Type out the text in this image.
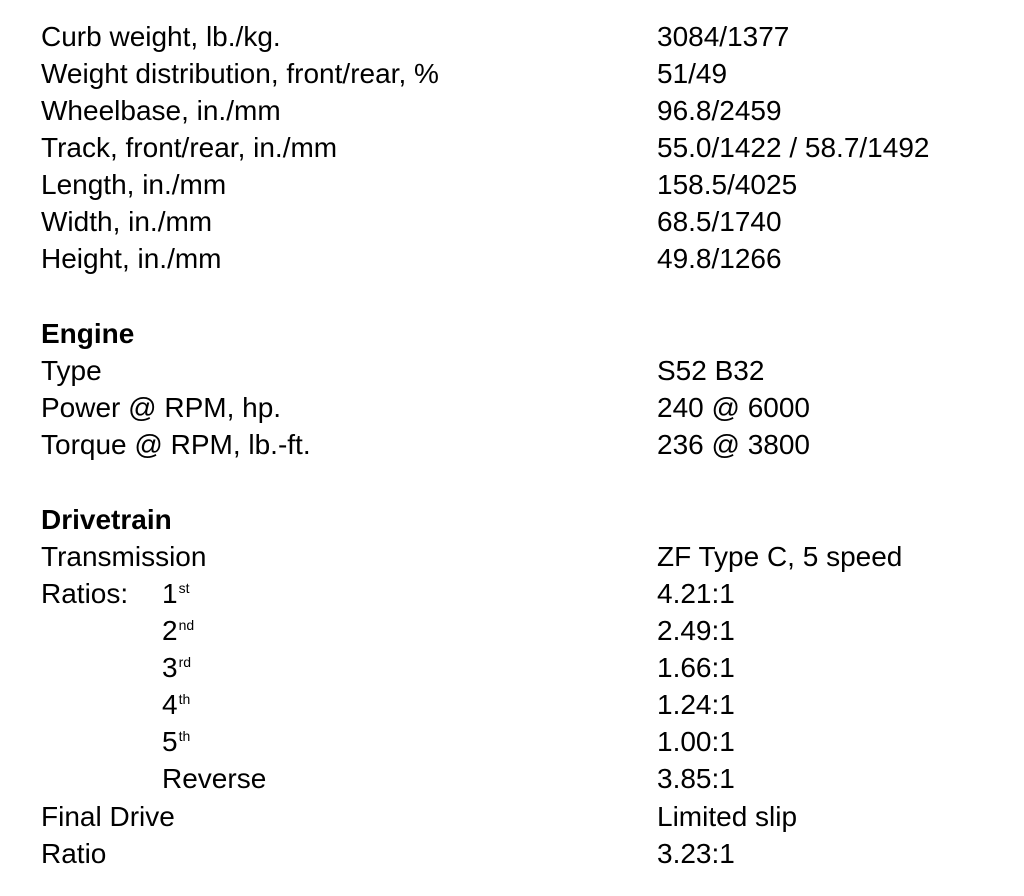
Curb weight, lb./kg.	3084/1377
Weight distribution, front/rear, %	51/49
Wheelbase, in./mm	96.8/2459
Track, front/rear, in./mm	55.0/1422 / 58.7/1492
Length, in./mm	158.5/4025
Width, in./mm	68.5/1740
Height, in./mm	49.8/1266
Engine
Type	S52 B32
Power @ RPM, hp.	240 @ 6000
Torque @ RPM, lb.-ft.	236 @ 3800
Drivetrain
Transmission	ZF Type C, 5 speed
Ratios: 1st	4.21:1
2nd	2.49:1
3rd	1.66:1
4th	1.24:1
5th	1.00:1
Reverse	3.85:1
Final Drive	Limited slip
Ratio	3.23:1
